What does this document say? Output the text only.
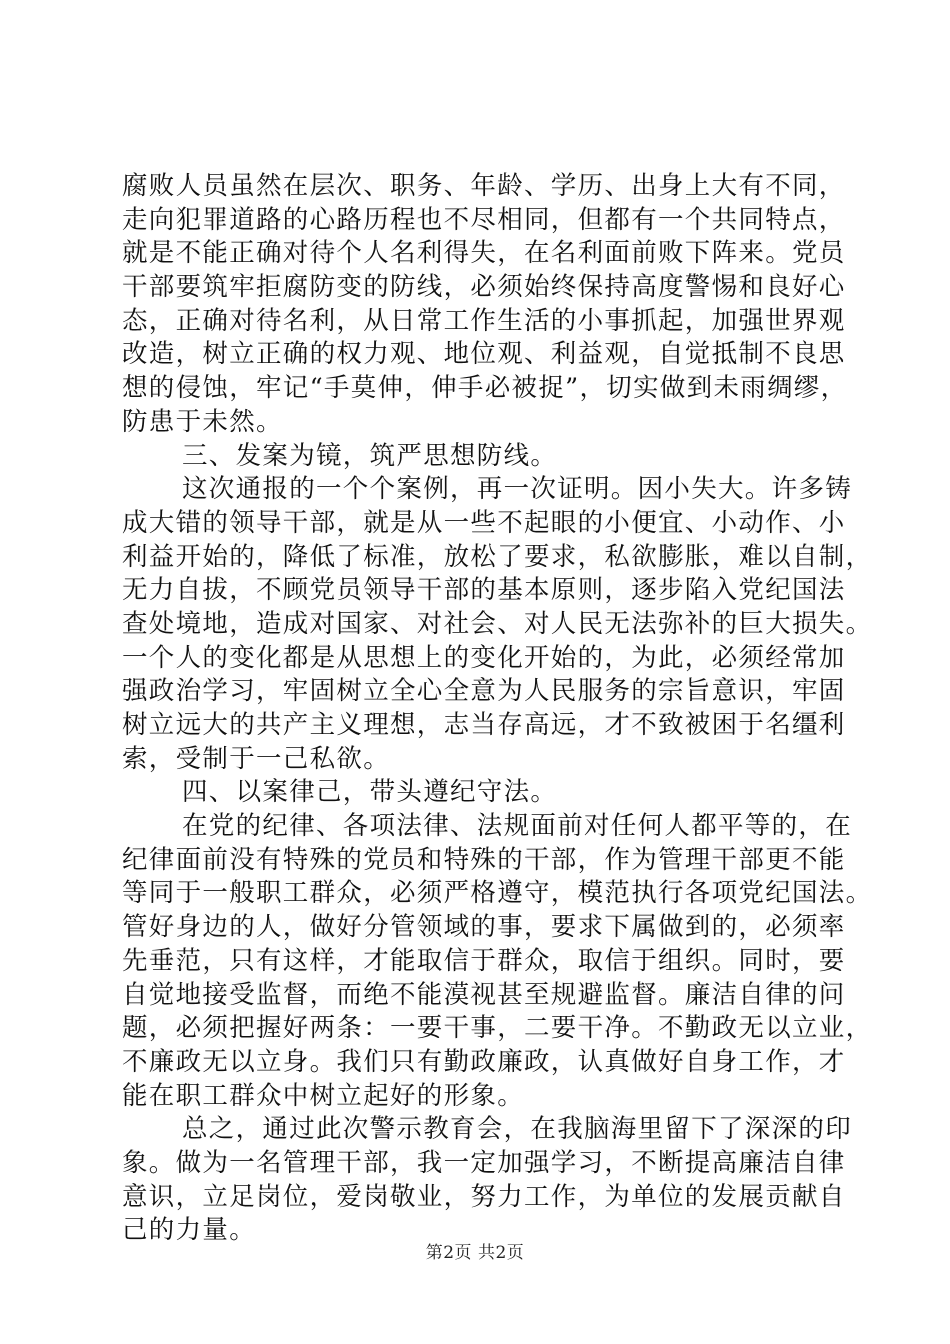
腐败人员虽然在层次、职务、年龄、学历、出身上大有不同，
走向犯罪道路的心路历程也不尽相同，但都有一个共同特点，
就是不能正确对待个人名利得失，在名利面前败下阵来。党员
干部要筑牢拒腐防变的防线，必须始终保持高度警惕和良好心
态，正确对待名利，从日常工作生活的小事抓起，加强世界观
改造，树立正确的权力观、地位观、利益观，自觉抵制不良思
想的侵蚀，牢记“手莫伸，伸手必被捉”，切实做到未雨绸缪，
防患于未然。
三、发案为镜，筑严思想防线。
这次通报的一个个案例，再一次证明。因小失大。许多铸
成大错的领导干部，就是从一些不起眼的小便宜、小动作、小
利益开始的，降低了标准，放松了要求，私欲膨胀，难以自制，
无力自拔，不顾党员领导干部的基本原则，逐步陷入党纪国法
查处境地，造成对国家、对社会、对人民无法弥补的巨大损失。
一个人的变化都是从思想上的变化开始的，为此，必须经常加
强政治学习，牢固树立全心全意为人民服务的宗旨意识，牢固
树立远大的共产主义理想，志当存高远，才不致被困于名缰利
索，受制于一己私欲。
四、以案律己，带头遵纪守法。
在党的纪律、各项法律、法规面前对任何人都平等的，在
纪律面前没有特殊的党员和特殊的干部，作为管理干部更不能
等同于一般职工群众，必须严格遵守，模范执行各项党纪国法。
管好身边的人，做好分管领域的事，要求下属做到的，必须率
先垂范，只有这样，才能取信于群众，取信于组织。同时，要
自觉地接受监督，而绝不能漠视甚至规避监督。廉洁自律的问
题，必须把握好两条：一要干事，二要干净。不勤政无以立业，
不廉政无以立身。我们只有勤政廉政，认真做好自身工作，才
能在职工群众中树立起好的形象。
总之，通过此次警示教育会，在我脑海里留下了深深的印
象。做为一名管理干部，我一定加强学习，不断提高廉洁自律
意识，立足岗位，爱岗敬业，努力工作，为单位的发展贡献自
己的力量。
第2页 共2页
